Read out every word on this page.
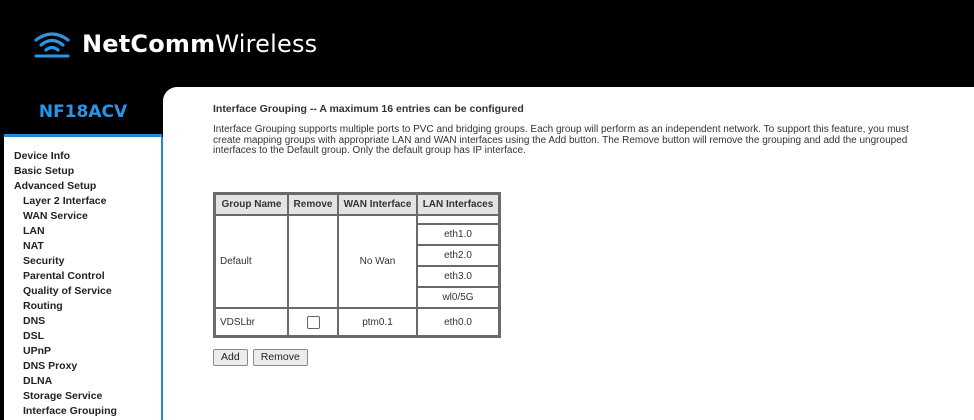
NetCommWireless
NF18ACV
Device Info
Basic Setup
Advanced Setup
Layer 2 Interface
WAN Service
LAN
NAT
Security
Parental Control
Quality of Service
Routing
DNS
DSL
UPnP
DNS Proxy
DLNA
Storage Service
Interface Grouping
Interface Grouping -- A maximum 16 entries can be configured
Interface Grouping supports multiple ports to PVC and bridging groups. Each group will perform as an independent network. To support this feature, you must create mapping groups with appropriate LAN and WAN interfaces using the Add button. The Remove button will remove the grouping and add the ungrouped interfaces to the Default group. Only the default group has IP interface.
Group Name	Remove	WAN Interface	LAN Interfaces
Default		No Wan	
			eth1.0
			eth2.0
			eth3.0
			wl0/5G
VDSLbr		ptm0.1	eth0.0
Add	Remove
